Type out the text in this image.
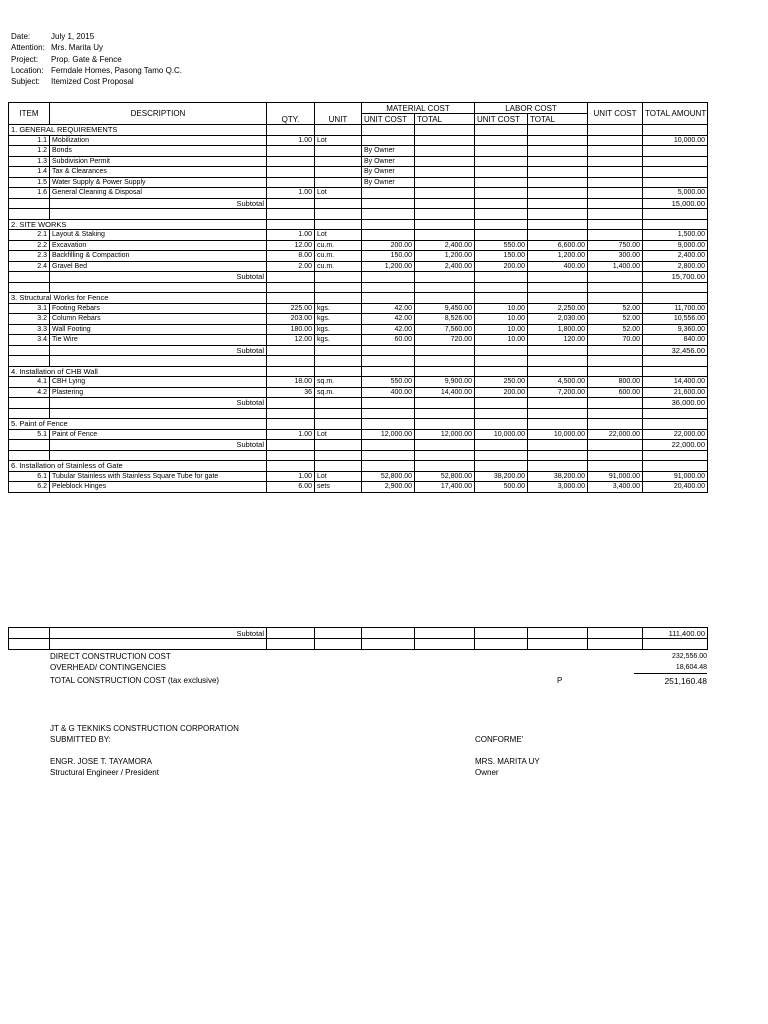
Date:	July 1, 2015
Attention: Mrs. Marita Uy
Project:	Prop. Gate & Fence
Location: Ferndale Homes, Pasong Tamo Q.C.
Subject:	Itemized Cost Proposal
ITEM	DESCRIPTION	QTY.	UNIT	MATERIAL COST		LABOR COST		UNIT COST	TOTAL AMOUNT
				UNIT COST	TOTAL	UNIT COST	TOTAL		
1. GENERAL REQUIREMENTS									
1.1	Mobilization	1.00	Lot						10,000.00
1.2	Bonds			By Owner					
1.3	Subdivision Permit			By Owner					
1.4	Tax & Clearances			By Owner					
1.5	Water Supply & Power Supply			By Owner					
1.6	General Cleaning & Disposal	1.00	Lot						5,000.00
	Subtotal								15,000.00

2. SITE WORKS									
2.1	Layout & Staking	1.00	Lot						1,500.00
2.2	Excavation	12.00	cu.m.	200.00	2,400.00	550.00	6,600.00	750.00	9,000.00
2.3	Backfilling & Compaction	8.00	cu.m.	150.00	1,200.00	150.00	1,200.00	300.00	2,400.00
2.4	Gravel Bed	2.00	cu.m.	1,200.00	2,400.00	200.00	400.00	1,400.00	2,800.00
	Subtotal								15,700.00

3. Structural Works for Fence									
3.1	Footing Rebars	225.00	kgs.	42.00	9,450.00	10.00	2,250.00	52.00	11,700.00
3.2	Column Rebars	203.00	kgs.	42.00	8,526.00	10.00	2,030.00	52.00	10,556.00
3.3	Wall Footing	180.00	kgs.	42.00	7,560.00	10.00	1,800.00	52.00	9,360.00
3.4	Tie Wire	12.00	kgs.	60.00	720.00	10.00	120.00	70.00	840.00
	Subtotal								32,456.00

4. Installation of CHB Wall									
4.1	CBH Lying	18.00	sq.m.	550.00	9,900.00	250.00	4,500.00	800.00	14,400.00
4.2	Plastering	36	sq.m.	400.00	14,400.00	200.00	7,200.00	600.00	21,600.00
	Subtotal								36,000.00

5. Paint of Fence									
5.1	Paint of Fence	1.00	Lot	12,000.00	12,000.00	10,000.00	10,000.00	22,000.00	22,000.00
	Subtotal								22,000.00

6. Installation of Stainless of Gate									
6.1	Tubular Stainless with Stainless Square Tube for gate	1.00	Lot	52,800.00	52,800.00	38,200.00	38,200.00	91,000.00	91,000.00
6.2	Peleblock Hinges	6.00	sets	2,900.00	17,400.00	500.00	3,000.00	3,400.00	20,400.00
	Subtotal								111,400.00

DIRECT CONSTRUCTION COST	232,556.00
OVERHEAD/ CONTINGENCIES	18,604.48
TOTAL CONSTRUCTION COST (tax exclusive)	P	251,160.48
JT & G TEKNIKS CONSTRUCTION CORPORATION
SUBMITTED BY:
ENGR. JOSE T. TAYAMORA
Structural Engineer / President
CONFORME'
MRS. MARITA UY
Owner
